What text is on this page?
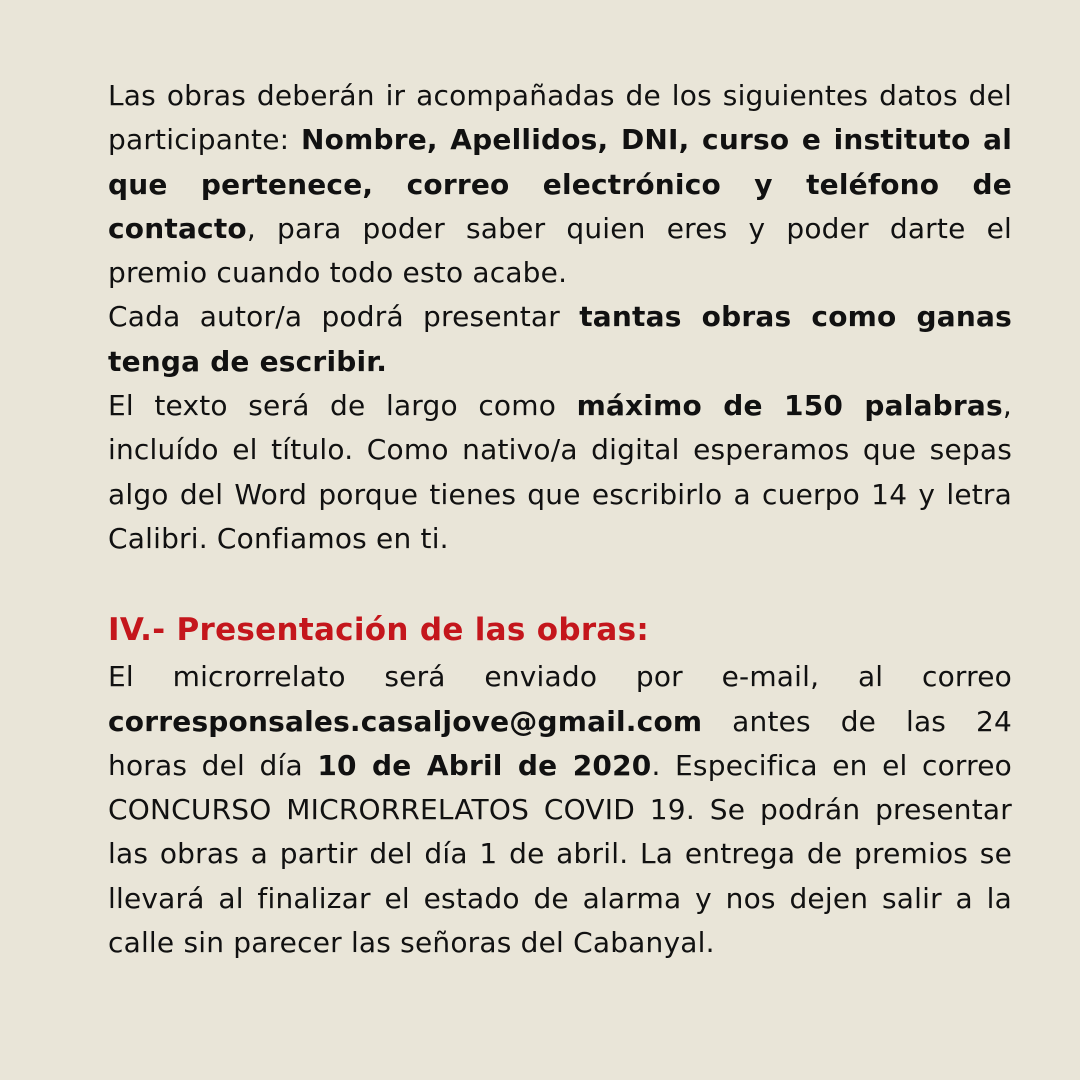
Las obras deberán ir acompañadas de los siguientes datos del participante: Nombre, Apellidos, DNI, curso e instituto al que pertenece, correo electrónico y teléfono de contacto, para poder saber quien eres y poder darte el premio cuando todo esto acabe.

Cada autor/a podrá presentar tantas obras como ganas tenga de escribir.

El texto será de largo como máximo de 150 palabras, incluído el título. Como nativo/a digital esperamos que sepas algo del Word porque tienes que escribirlo a cuerpo 14 y letra Calibri. Confiamos en ti.

IV.- Presentación de las obras:

El microrrelato será enviado por e-mail, al correo corresponsales.casaljove@gmail.com antes de las 24 horas del día 10 de Abril de 2020. Especifica en el correo CONCURSO MICRORRELATOS COVID 19. Se podrán presentar las obras a partir del día 1 de abril. La entrega de premios se llevará al finalizar el estado de alarma y nos dejen salir a la calle sin parecer las señoras del Cabanyal.
